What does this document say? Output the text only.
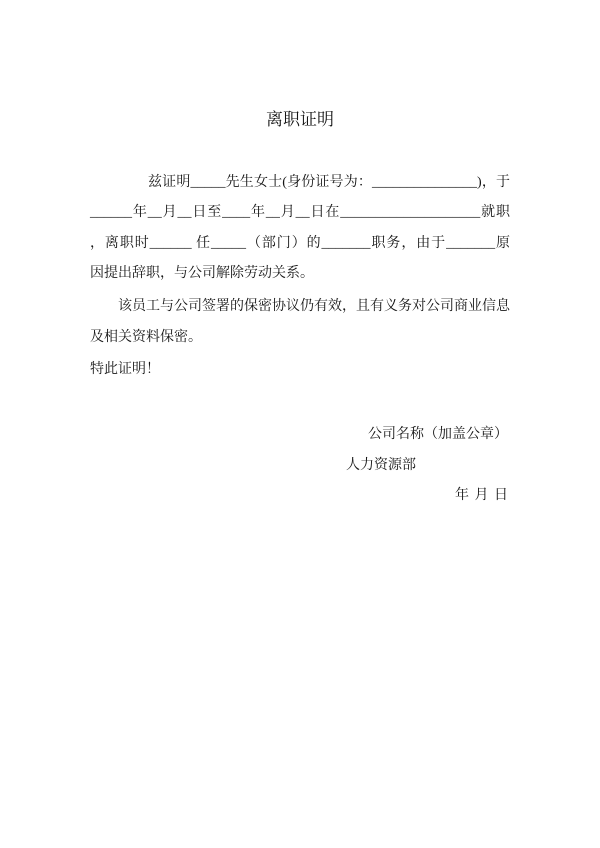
离职证明
兹证明_____先生女士(身份证号为：_______________)，于
______年__月__日至____年__月__日在____________________就职
，离职时______ 任_____（部门）的_______职务，由于_______原
因提出辞职，与公司解除劳动关系。
该员工与公司签署的保密协议仍有效，且有义务对公司商业信息
及相关资料保密。
特此证明！
公司名称（加盖公章）
人力资源部
年 月 日
